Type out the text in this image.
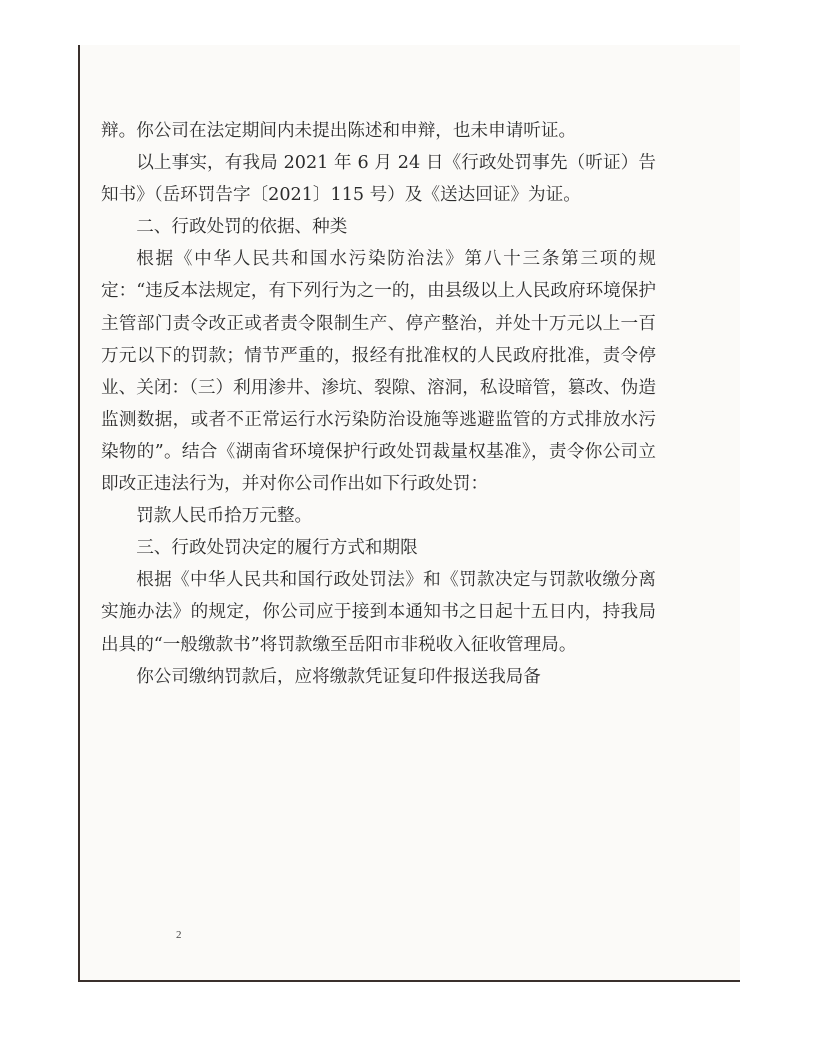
辩。你公司在法定期间内未提出陈述和申辩，也未申请听证。

以上事实，有我局 2021 年 6 月 24 日《行政处罚事先（听证）告知书》（岳环罚告字〔2021〕115 号）及《送达回证》为证。

二、行政处罚的依据、种类

根据《中华人民共和国水污染防治法》第八十三条第三项的规定：“违反本法规定，有下列行为之一的，由县级以上人民政府环境保护主管部门责令改正或者责令限制生产、停产整治，并处十万元以上一百万元以下的罚款；情节严重的，报经有批准权的人民政府批准，责令停业、关闭：（三）利用渗井、渗坑、裂隙、溶洞，私设暗管，篡改、伪造监测数据，或者不正常运行水污染防治设施等逃避监管的方式排放水污染物的”。结合《湖南省环境保护行政处罚裁量权基准》，责令你公司立即改正违法行为，并对你公司作出如下行政处罚：

罚款人民币拾万元整。

三、行政处罚决定的履行方式和期限

根据《中华人民共和国行政处罚法》和《罚款决定与罚款收缴分离实施办法》的规定，你公司应于接到本通知书之日起十五日内，持我局出具的“一般缴款书”将罚款缴至岳阳市非税收入征收管理局。

你公司缴纳罚款后，应将缴款凭证复印件报送我局备

2
